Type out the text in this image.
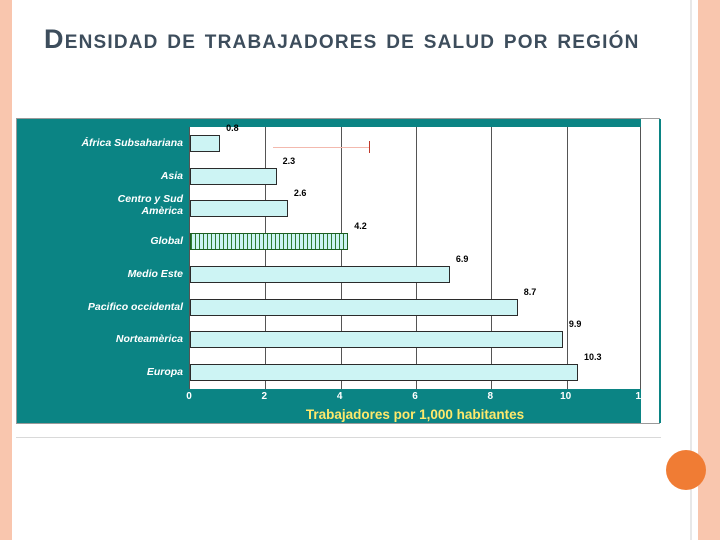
Densidad de trabajadores de salud por región
África Subsahariana
Asia
Centro y Sud
Amèrica
Global
Medio Este
Pacifico occidental
Norteamèrica
Europa
0.8
2.3
2.6
4.2
6.9
8.7
9.9
10.3
0	2	4	6	8	10	12
Trabajadores por 1,000 habitantes
